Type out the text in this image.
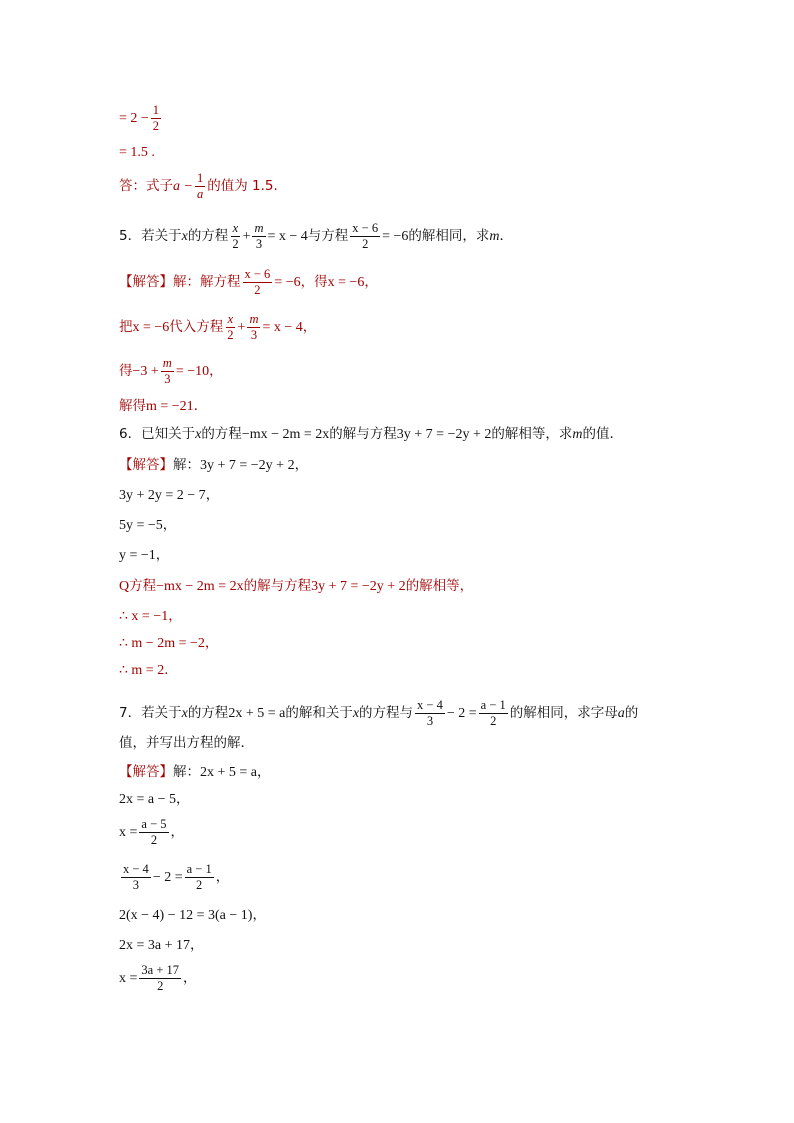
= $2 - \frac{1}{2}$
= 1.5 .
答：式子 $a - \frac{1}{a}$ 的值为 1.5.
5．若关于 x 的方程 $\frac{x}{2} + \frac{m}{3} = x - 4$ 与方程 $\frac{x - 6}{2} = -6$ 的解相同，求 m ．
【解答】 解：解方程 $\frac{x - 6}{2} = -6$ ，得 x = −6 ，
把 x = −6 代入方程 $\frac{x}{2} + \frac{m}{3} = x - 4$ ，
得 $-3 + \frac{m}{3} = -10$ ，
解得 m = −21 ．
6．已知关于 x 的方程 −mx − 2m = 2x 的解与方程 3y + 7 = −2y + 2 的解相等，求 m 的值．
【解答】 解： 3y + 7 = −2y + 2 ，
3y + 2y = 2 − 7 ，
5y = −5 ，
y = −1 ，
Q 方程 −mx − 2m = 2x 的解与方程 3y + 7 = −2y + 2 的解相等，
∴
x = −1 ，
∴
m − 2m = −2 ，
∴
m = 2 ．
7．若关于 x 的方程 2x + 5 = a 的解和关于 x 的方程与 $\frac{x - 4}{3} - 2 = \frac{a - 1}{2}$ 的解相同，求字母 a 的
值，并写出方程的解．
【解答】 解： 2x + 5 = a ，
2x = a − 5 ，
$x = \frac{a - 5}{2}$ ，
$\frac{x - 4}{3} - 2 = \frac{a - 1}{2}$ ，
2(x − 4) − 12 = 3(a − 1) ，
2x = 3a + 17 ，
$x = \frac{3a + 17}{2}$ ，
